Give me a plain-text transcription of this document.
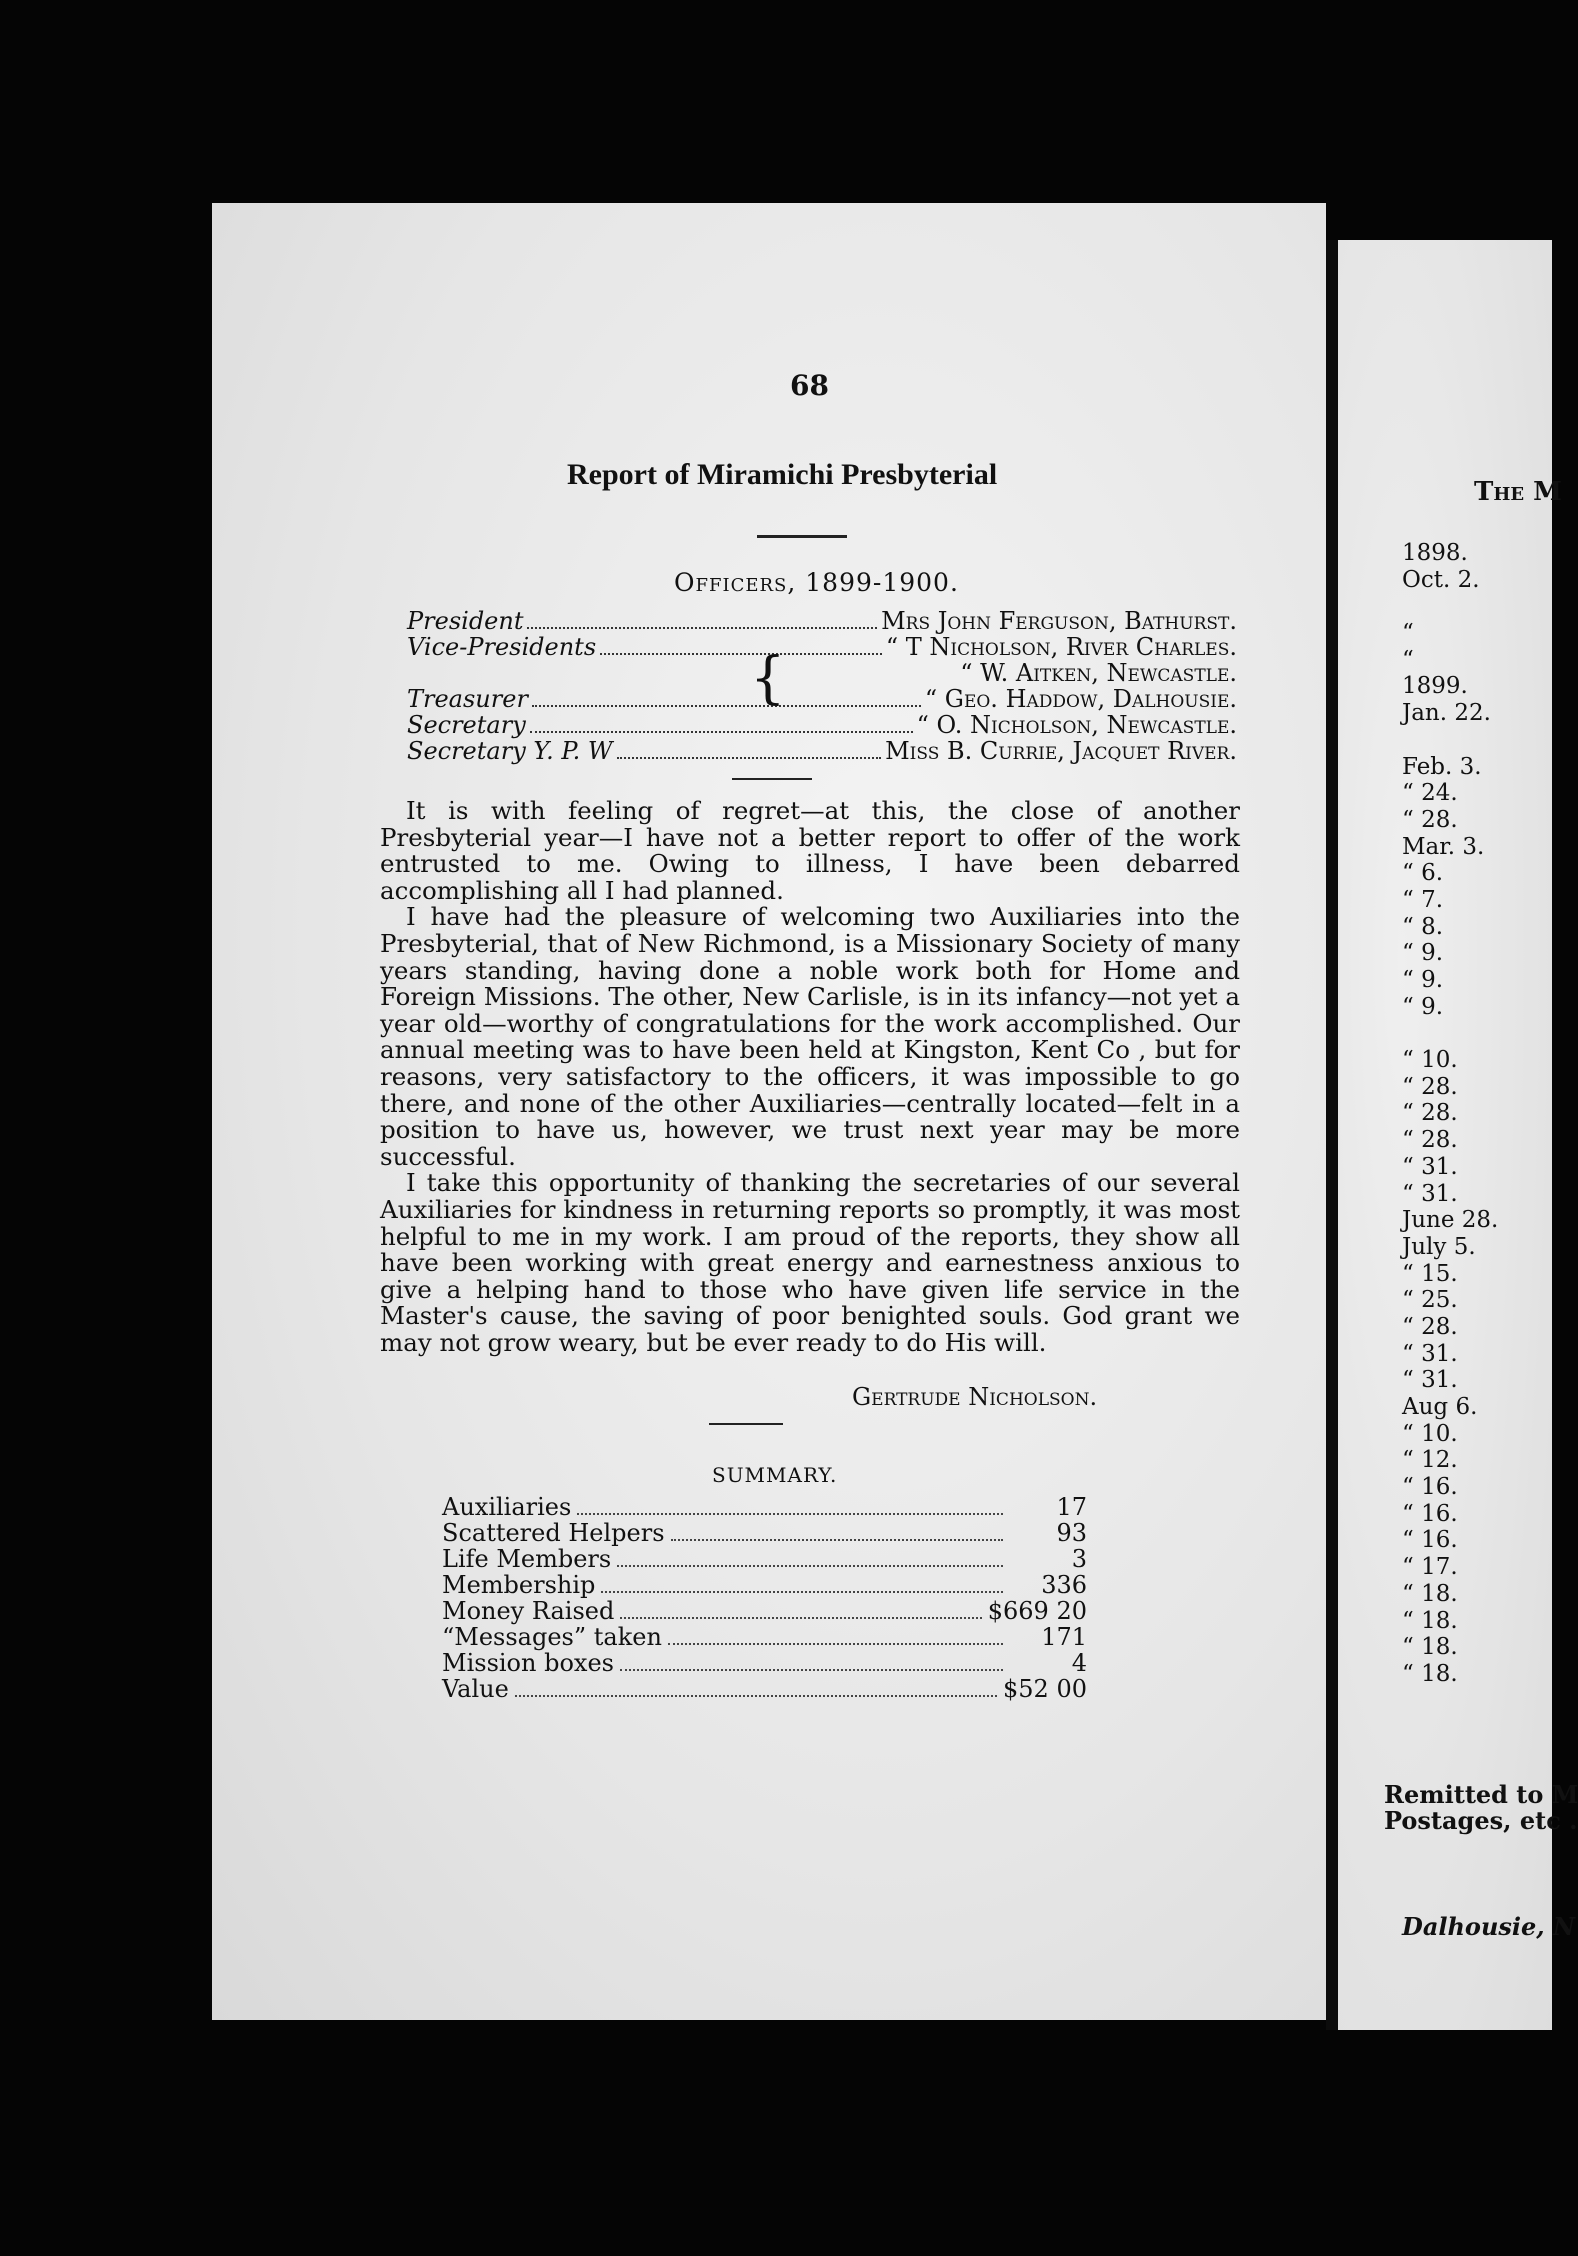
68
Report of Miramichi Presbyterial
Officers, 1899-1900.
President	Mrs John Ferguson, Bathurst.
Vice-Presidents	“ T Nicholson, River Charles.
“ W. Aitken, Newcastle.
Treasurer	“ Geo. Haddow, Dalhousie.
Secretary	“ O. Nicholson, Newcastle.
Secretary Y. P. W	Miss B. Currie, Jacquet River.
{

It is with feeling of regret—at this, the close of another Presbyterial year—I have not a better report to offer of the work entrusted to me. Owing to illness, I have been debarred accomplishing all I had planned.

I have had the pleasure of welcoming two Auxiliaries into the Presbyterial, that of New Richmond, is a Missionary Society of many years standing, having done a noble work both for Home and Foreign Missions. The other, New Carlisle, is in its infancy—not yet a year old—worthy of congratulations for the work accomplished. Our annual meeting was to have been held at Kingston, Kent Co , but for reasons, very satisfactory to the officers, it was impossible to go there, and none of the other Auxiliaries—centrally located—felt in a position to have us, however, we trust next year may be more successful.

I take this opportunity of thanking the secretaries of our several Auxiliaries for kindness in returning reports so promptly, it was most helpful to me in my work. I am proud of the reports, they show all have been working with great energy and earnestness anxious to give a helping hand to those who have given life service in the Master's cause, the saving of poor benighted souls. God grant we may not grow weary, but be ever ready to do His will.

Gertrude Nicholson.
SUMMARY.
Auxiliaries	17
Scattered Helpers	93
Life Members	3
Membership	336
Money Raised	$669 20
“Messages” taken	171
Mission boxes	4
Value	$52 00
The M
1898.
Oct. 2.
“
“
1899.
Jan. 22.
Feb. 3.
“ 24.
“ 28.
Mar. 3.
“ 6.
“ 7.
“ 8.
“ 9.
“ 9.
“ 9.
“ 10.
“ 28.
“ 28.
“ 28.
“ 31.
“ 31.
June 28.
July 5.
“ 15.
“ 25.
“ 28.
“ 31.
“ 31.
Aug 6.
“ 10.
“ 12.
“ 16.
“ 16.
“ 16.
“ 17.
“ 18.
“ 18.
“ 18.
“ 18.
Remitted to M
Postages, etc .
Dalhousie, N
